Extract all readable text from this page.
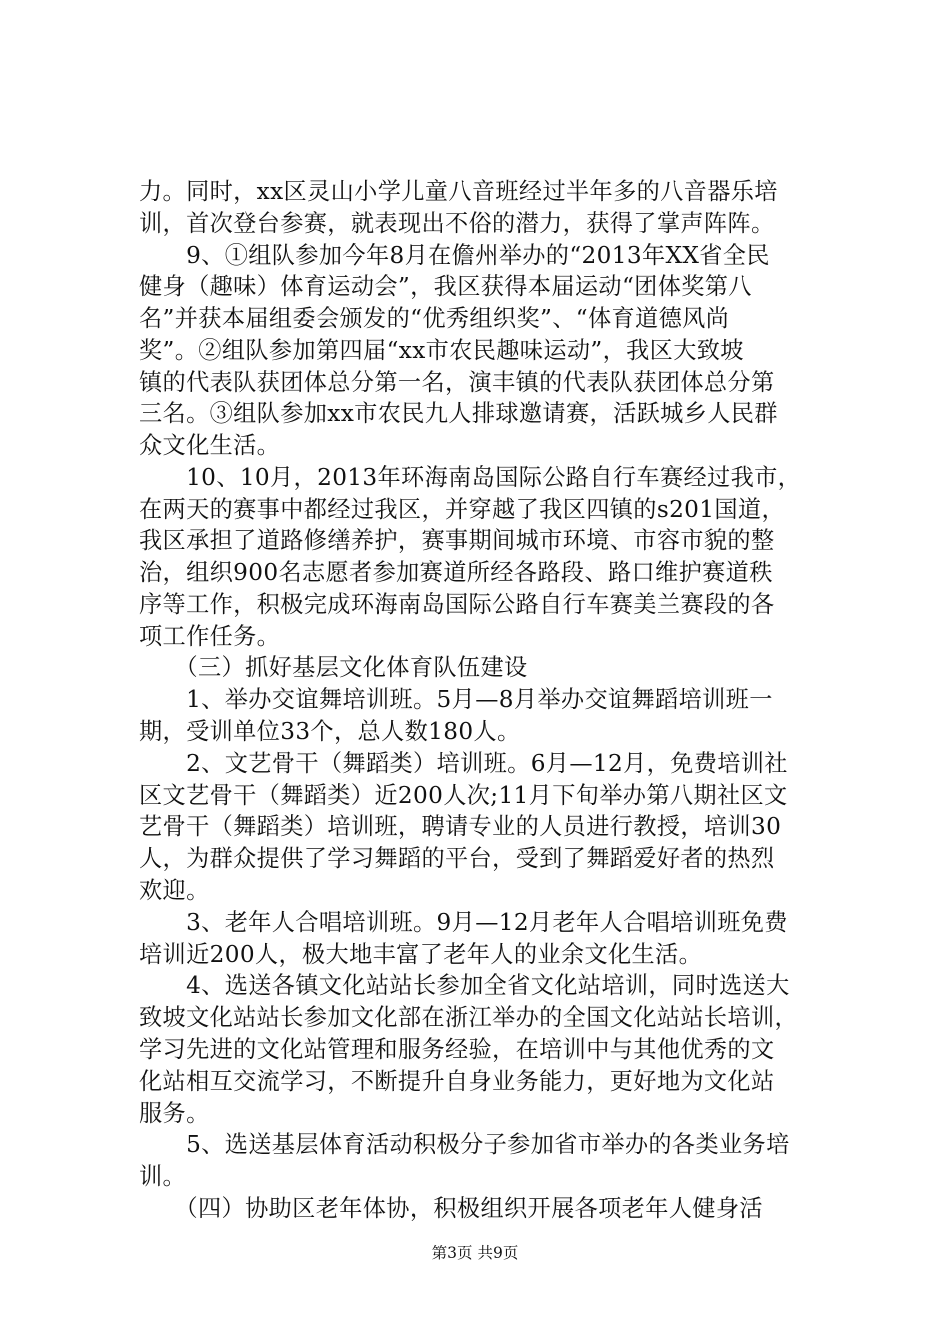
力。同时，xx区灵山小学儿童八音班经过半年多的八音器乐培
训，首次登台参赛，就表现出不俗的潜力，获得了掌声阵阵。
　　9、①组队参加今年8月在儋州举办的“2013年XX省全民
健身（趣味）体育运动会”，我区获得本届运动“团体奖第八
名”并获本届组委会颁发的“优秀组织奖”、“体育道德风尚
奖”。②组队参加第四届“xx市农民趣味运动”，我区大致坡
镇的代表队获团体总分第一名，演丰镇的代表队获团体总分第
三名。③组队参加xx市农民九人排球邀请赛，活跃城乡人民群
众文化生活。
　　10、10月，2013年环海南岛国际公路自行车赛经过我市，
在两天的赛事中都经过我区，并穿越了我区四镇的s201国道，
我区承担了道路修缮养护，赛事期间城市环境、市容市貌的整
治，组织900名志愿者参加赛道所经各路段、路口维护赛道秩
序等工作，积极完成环海南岛国际公路自行车赛美兰赛段的各
项工作任务。
　　（三）抓好基层文化体育队伍建设
　　1、举办交谊舞培训班。5月—8月举办交谊舞蹈培训班一
期，受训单位33个，总人数180人。
　　2、文艺骨干（舞蹈类）培训班。6月—12月，免费培训社
区文艺骨干（舞蹈类）近200人次;11月下旬举办第八期社区文
艺骨干（舞蹈类）培训班，聘请专业的人员进行教授，培训30
人，为群众提供了学习舞蹈的平台，受到了舞蹈爱好者的热烈
欢迎。
　　3、老年人合唱培训班。9月—12月老年人合唱培训班免费
培训近200人，极大地丰富了老年人的业余文化生活。
　　4、选送各镇文化站站长参加全省文化站培训，同时选送大
致坡文化站站长参加文化部在浙江举办的全国文化站站长培训，
学习先进的文化站管理和服务经验，在培训中与其他优秀的文
化站相互交流学习，不断提升自身业务能力，更好地为文化站
服务。
　　5、选送基层体育活动积极分子参加省市举办的各类业务培
训。
　　（四）协助区老年体协，积极组织开展各项老年人健身活
第3页 共9页
